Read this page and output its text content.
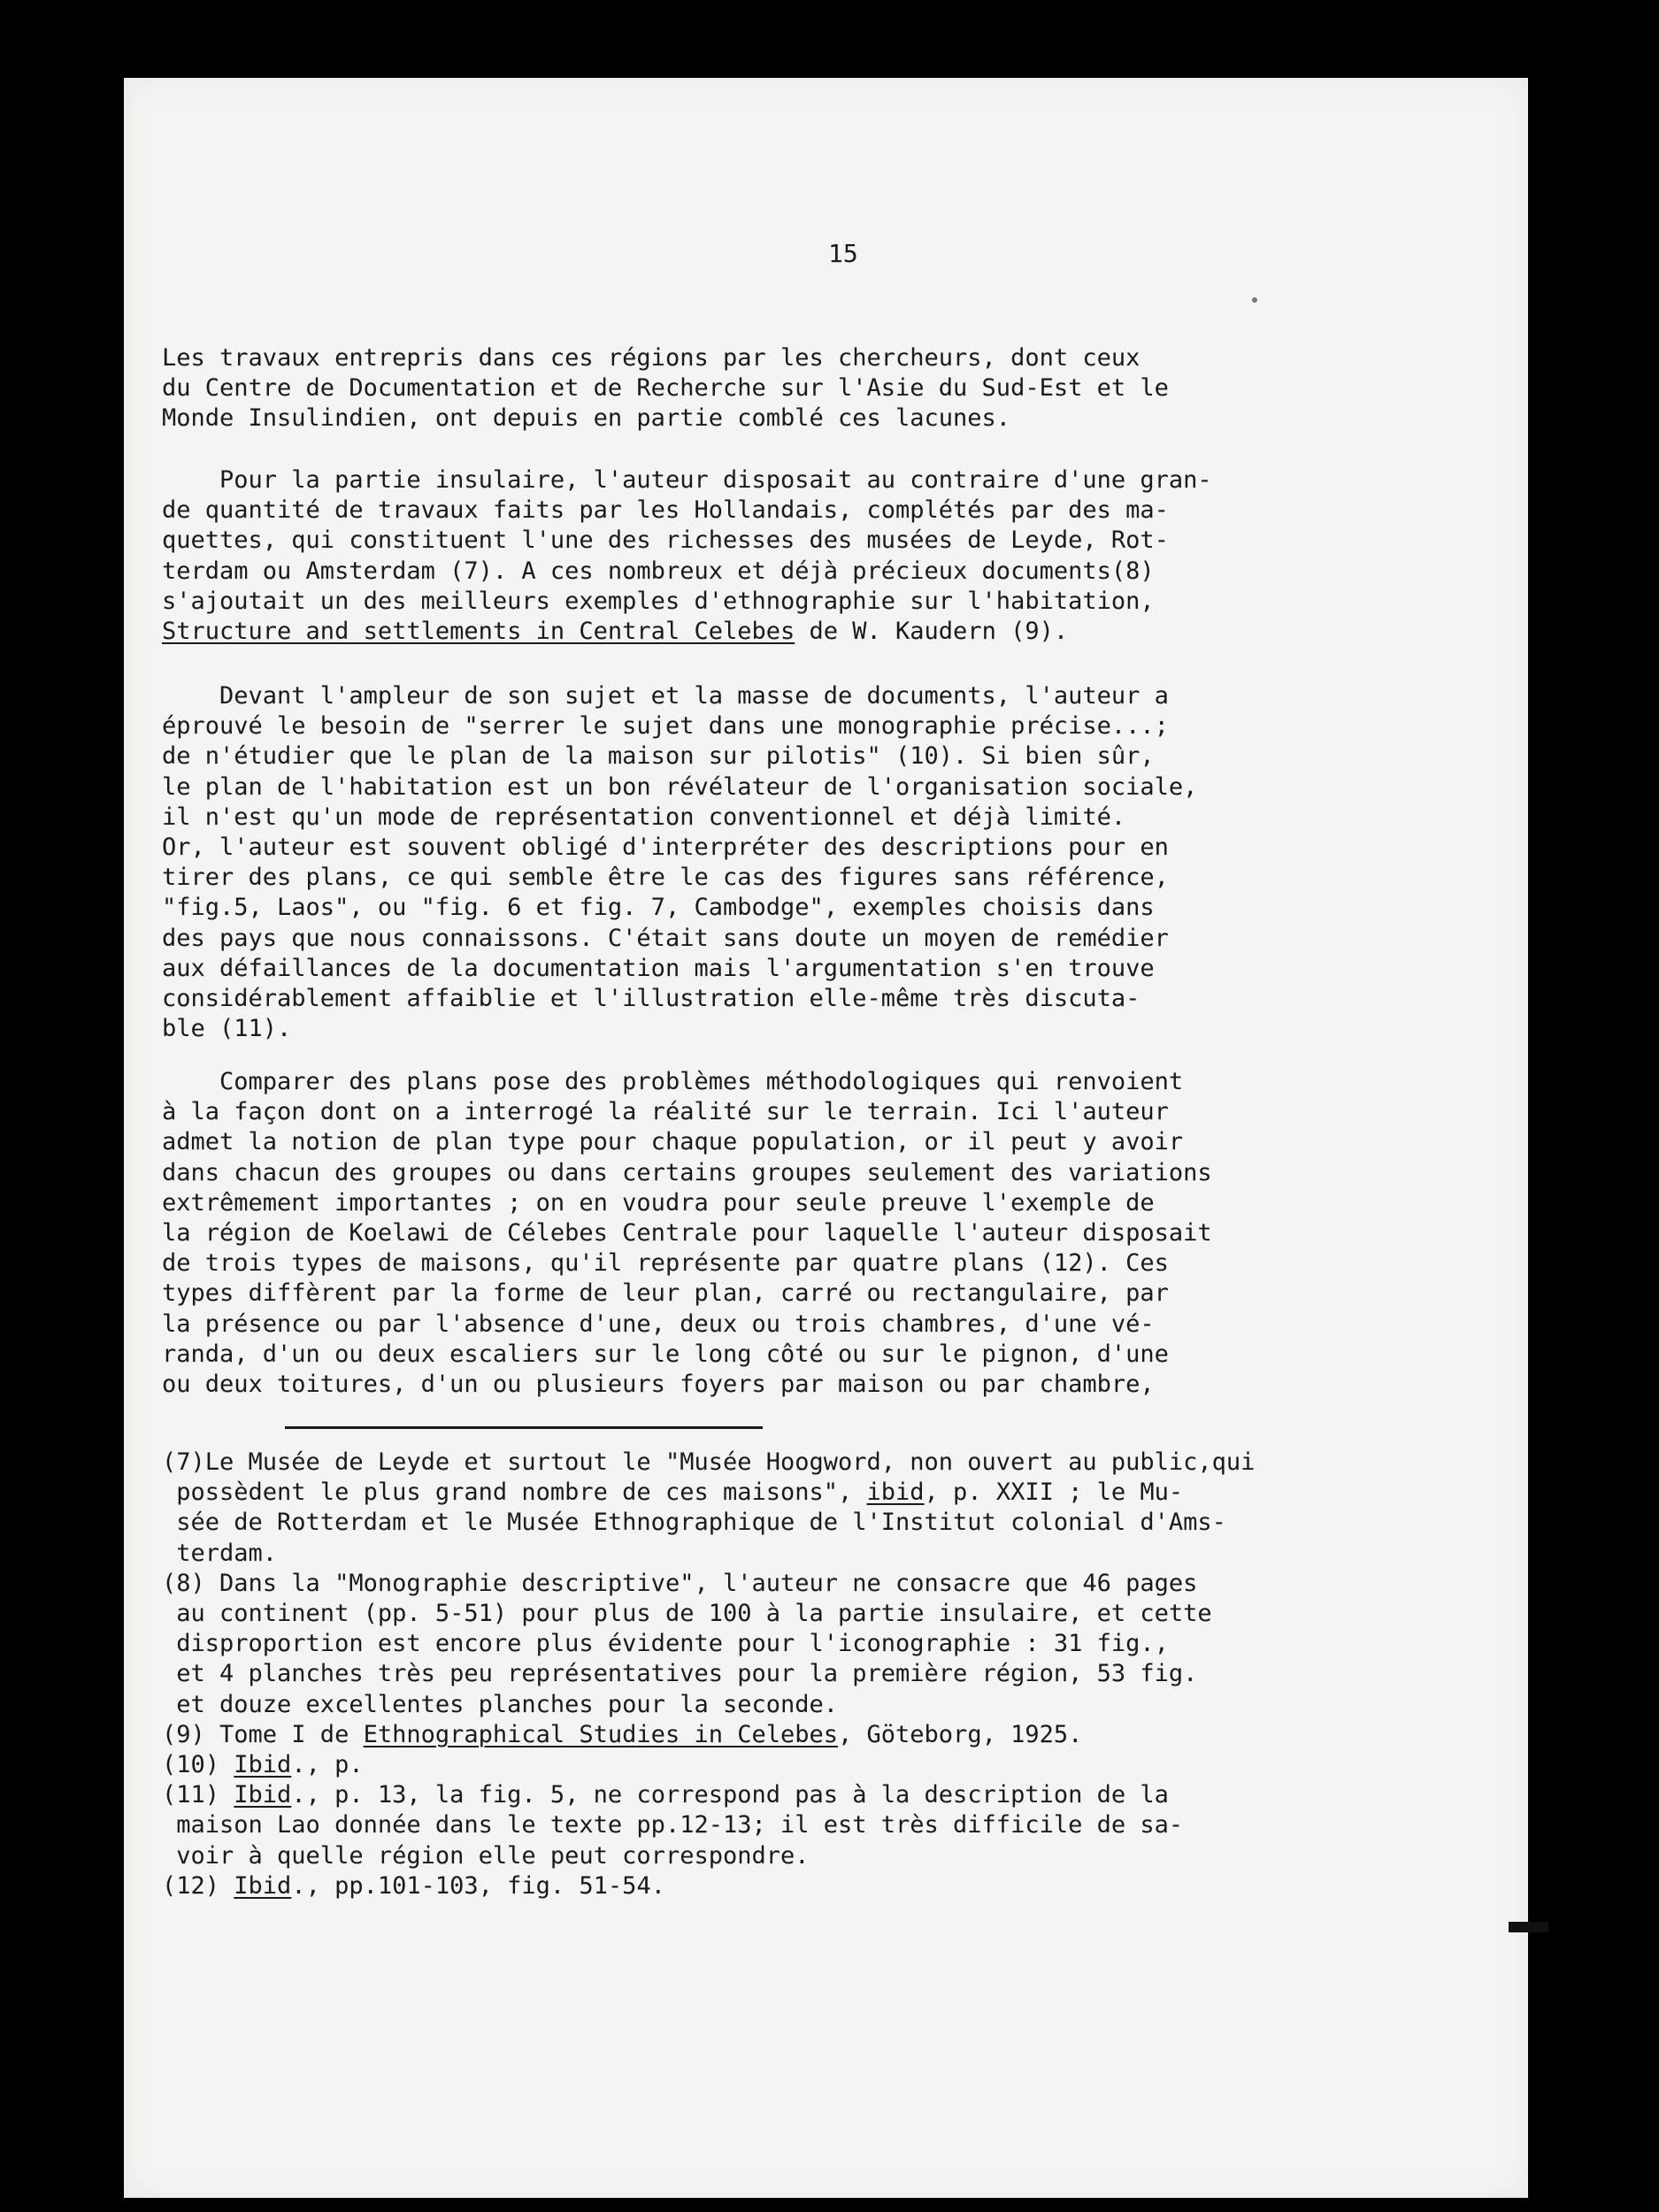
15
Les travaux entrepris dans ces régions par les chercheurs, dont ceux
du Centre de Documentation et de Recherche sur l'Asie du Sud-Est et le
Monde Insulindien, ont depuis en partie comblé ces lacunes.
Pour la partie insulaire, l'auteur disposait au contraire d'une gran-
de quantité de travaux faits par les Hollandais, complétés par des ma-
quettes, qui constituent l'une des richesses des musées de Leyde, Rot-
terdam ou Amsterdam (7). A ces nombreux et déjà précieux documents(8)
s'ajoutait un des meilleurs exemples d'ethnographie sur l'habitation,
Structure and settlements in Central Celebes de W. Kaudern (9).
Devant l'ampleur de son sujet et la masse de documents, l'auteur a
éprouvé le besoin de "serrer le sujet dans une monographie précise...;
de n'étudier que le plan de la maison sur pilotis" (10). Si bien sûr,
le plan de l'habitation est un bon révélateur de l'organisation sociale,
il n'est qu'un mode de représentation conventionnel et déjà limité.
Or, l'auteur est souvent obligé d'interpréter des descriptions pour en
tirer des plans, ce qui semble être le cas des figures sans référence,
"fig.5, Laos", ou "fig. 6 et fig. 7, Cambodge", exemples choisis dans
des pays que nous connaissons. C'était sans doute un moyen de remédier
aux défaillances de la documentation mais l'argumentation s'en trouve
considérablement affaiblie et l'illustration elle-même très discuta-
ble (11).
Comparer des plans pose des problèmes méthodologiques qui renvoient
à la façon dont on a interrogé la réalité sur le terrain. Ici l'auteur
admet la notion de plan type pour chaque population, or il peut y avoir
dans chacun des groupes ou dans certains groupes seulement des variations
extrêmement importantes ; on en voudra pour seule preuve l'exemple de
la région de Koelawi de Célebes Centrale pour laquelle l'auteur disposait
de trois types de maisons, qu'il représente par quatre plans (12). Ces
types diffèrent par la forme de leur plan, carré ou rectangulaire, par
la présence ou par l'absence d'une, deux ou trois chambres, d'une vé-
randa, d'un ou deux escaliers sur le long côté ou sur le pignon, d'une
ou deux toitures, d'un ou plusieurs foyers par maison ou par chambre,
(7)Le Musée de Leyde et surtout le "Musée Hoogword, non ouvert au public,qui
possèdent le plus grand nombre de ces maisons", ibid, p. XXII ; le Mu-
sée de Rotterdam et le Musée Ethnographique de l'Institut colonial d'Ams-
terdam.
(8) Dans la "Monographie descriptive", l'auteur ne consacre que 46 pages
au continent (pp. 5-51) pour plus de 100 à la partie insulaire, et cette
disproportion est encore plus évidente pour l'iconographie : 31 fig.,
et 4 planches très peu représentatives pour la première région, 53 fig.
et douze excellentes planches pour la seconde.
(9) Tome I de Ethnographical Studies in Celebes, Göteborg, 1925.
(10) Ibid., p.
(11) Ibid., p. 13, la fig. 5, ne correspond pas à la description de la
maison Lao donnée dans le texte pp.12-13; il est très difficile de sa-
voir à quelle région elle peut correspondre.
(12) Ibid., pp.101-103, fig. 51-54.
